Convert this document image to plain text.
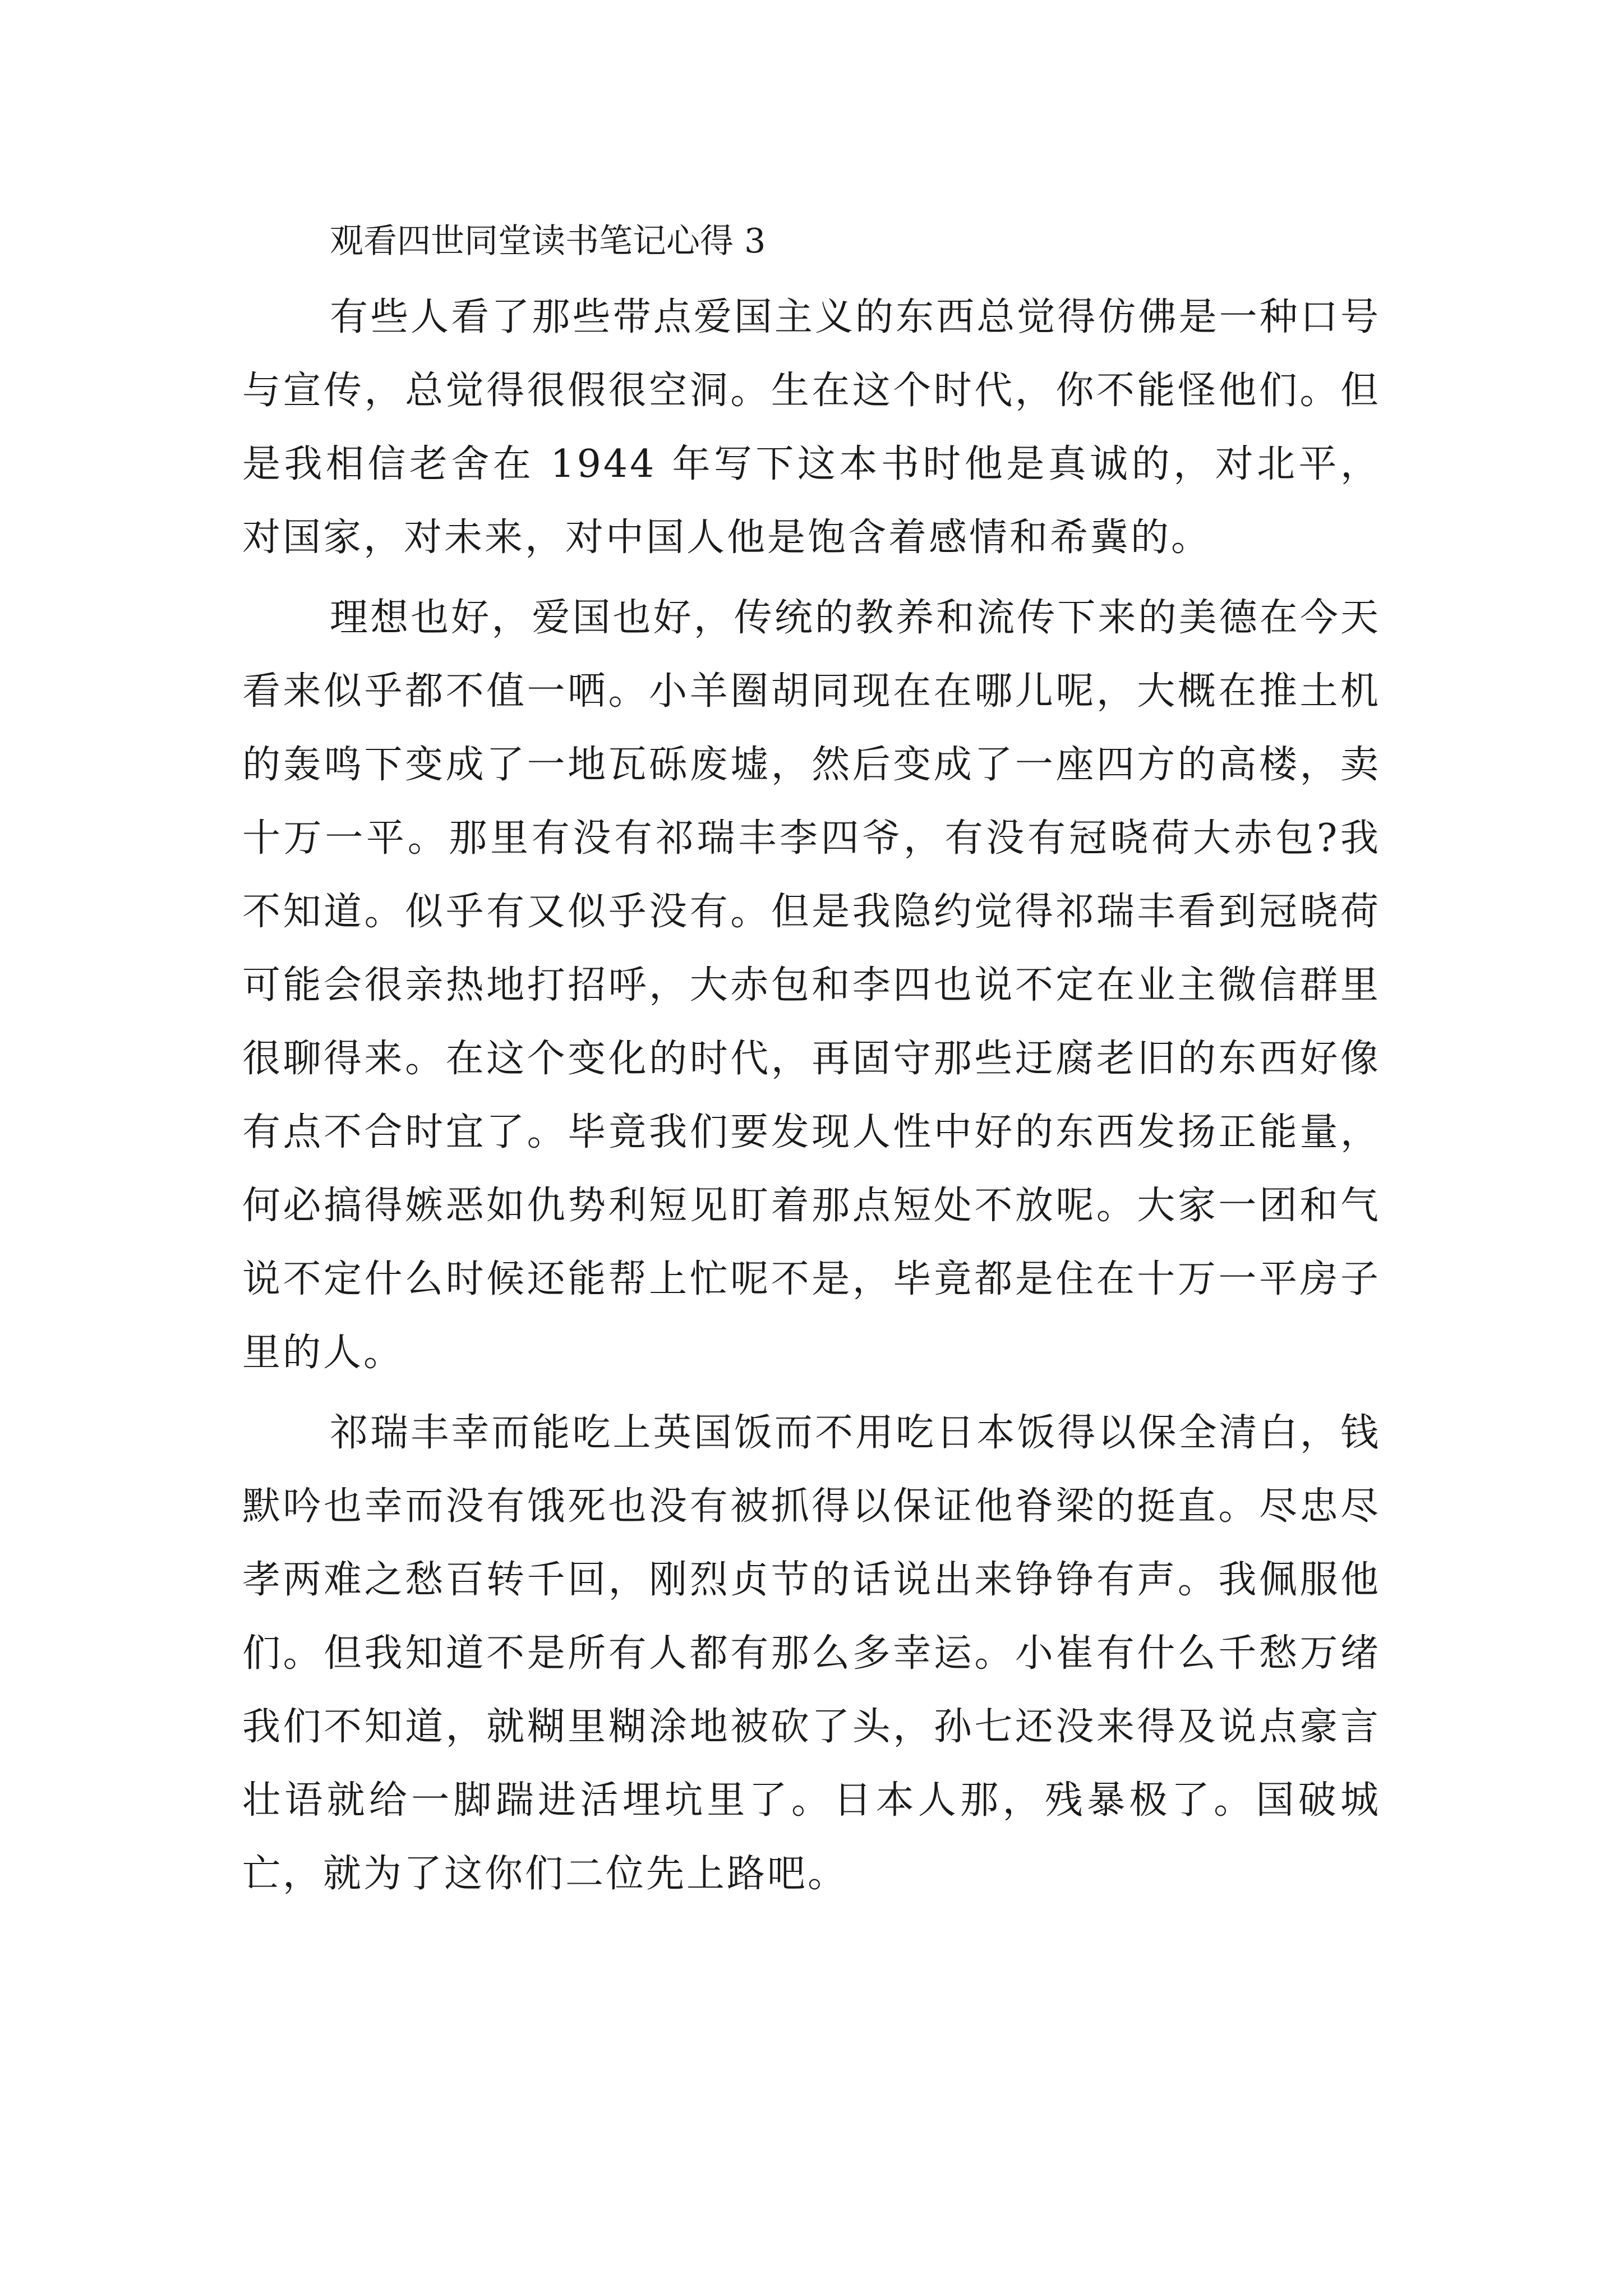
观看四世同堂读书笔记心得 3

有些人看了那些带点爱国主义的东西总觉得仿佛是一种口号与宣传，总觉得很假很空洞。生在这个时代，你不能怪他们。但是我相信老舍在 1944 年写下这本书时他是真诚的，对北平，对国家，对未来，对中国人他是饱含着感情和希冀的。

理想也好，爱国也好，传统的教养和流传下来的美德在今天看来似乎都不值一哂。小羊圈胡同现在在哪儿呢，大概在推土机的轰鸣下变成了一地瓦砾废墟，然后变成了一座四方的高楼，卖十万一平。那里有没有祁瑞丰李四爷，有没有冠晓荷大赤包?我不知道。似乎有又似乎没有。但是我隐约觉得祁瑞丰看到冠晓荷可能会很亲热地打招呼，大赤包和李四也说不定在业主微信群里很聊得来。在这个变化的时代，再固守那些迂腐老旧的东西好像有点不合时宜了。毕竟我们要发现人性中好的东西发扬正能量，何必搞得嫉恶如仇势利短见盯着那点短处不放呢。大家一团和气说不定什么时候还能帮上忙呢不是，毕竟都是住在十万一平房子里的人。

祁瑞丰幸而能吃上英国饭而不用吃日本饭得以保全清白，钱默吟也幸而没有饿死也没有被抓得以保证他脊梁的挺直。尽忠尽孝两难之愁百转千回，刚烈贞节的话说出来铮铮有声。我佩服他们。但我知道不是所有人都有那么多幸运。小崔有什么千愁万绪我们不知道，就糊里糊涂地被砍了头，孙七还没来得及说点豪言壮语就给一脚踹进活埋坑里了。日本人那，残暴极了。国破城亡，就为了这你们二位先上路吧。
